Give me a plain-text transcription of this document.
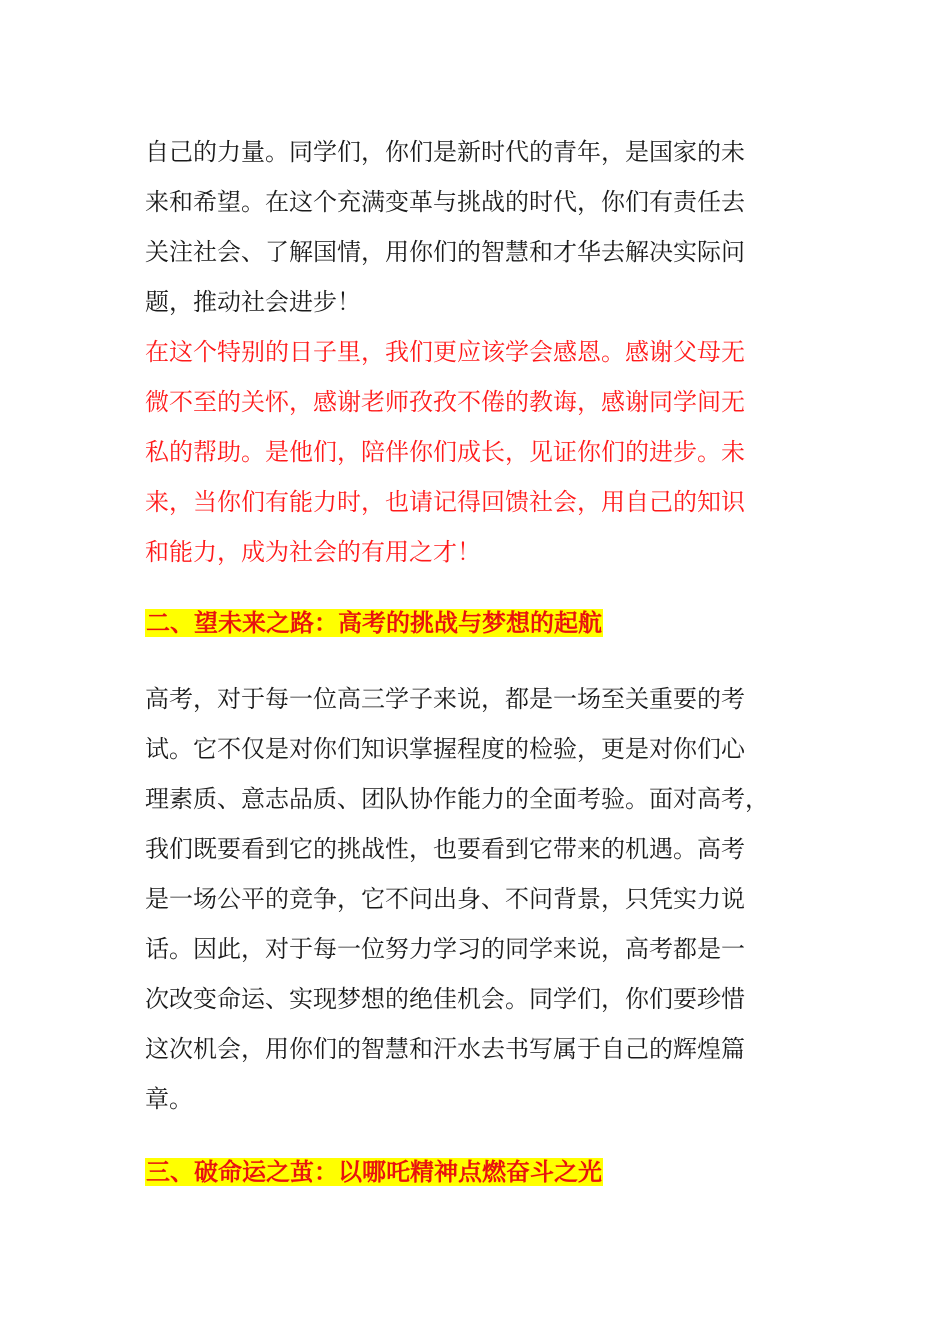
自己的力量。同学们，你们是新时代的青年，是国家的未
来和希望。在这个充满变革与挑战的时代，你们有责任去
关注社会、了解国情，用你们的智慧和才华去解决实际问
题，推动社会进步！
在这个特别的日子里，我们更应该学会感恩。感谢父母无
微不至的关怀，感谢老师孜孜不倦的教诲，感谢同学间无
私的帮助。是他们，陪伴你们成长，见证你们的进步。未
来，当你们有能力时，也请记得回馈社会，用自己的知识
和能力，成为社会的有用之才！
二、望未来之路：高考的挑战与梦想的起航
高考，对于每一位高三学子来说，都是一场至关重要的考
试。它不仅是对你们知识掌握程度的检验，更是对你们心
理素质、意志品质、团队协作能力的全面考验。面对高考，
我们既要看到它的挑战性，也要看到它带来的机遇。高考
是一场公平的竞争，它不问出身、不问背景，只凭实力说
话。因此，对于每一位努力学习的同学来说，高考都是一
次改变命运、实现梦想的绝佳机会。同学们，你们要珍惜
这次机会，用你们的智慧和汗水去书写属于自己的辉煌篇
章。
三、破命运之茧：以哪吒精神点燃奋斗之光
